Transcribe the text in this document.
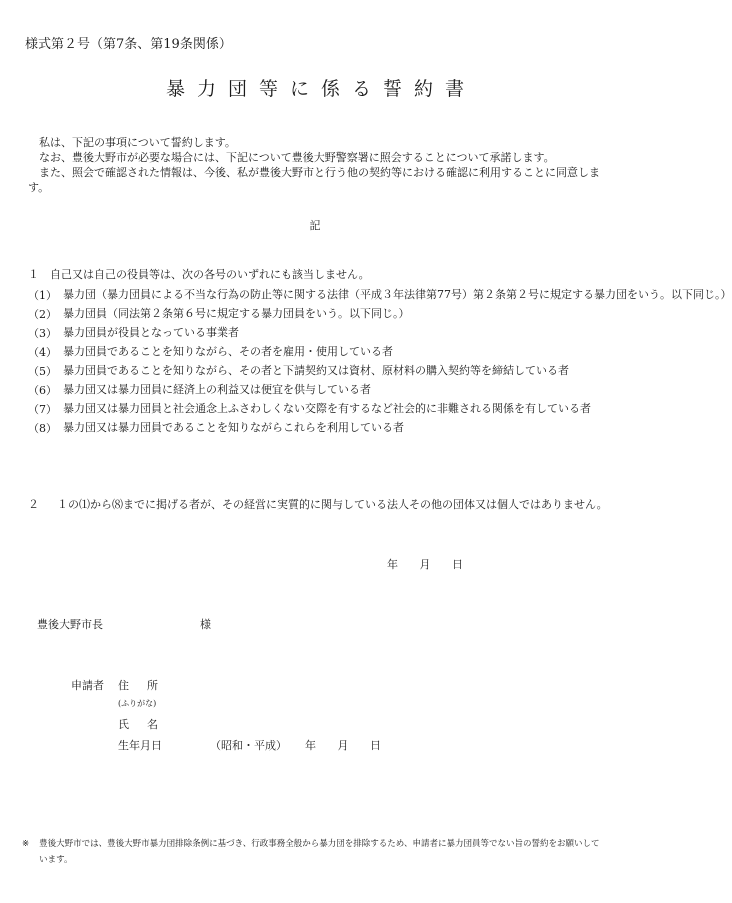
様式第２号（第7条、第19条関係）
暴力団等に係る誓約書

私は、下記の事項について誓約します。

なお、豊後大野市が必要な場合には、下記について豊後大野警察署に照会することについて承諾します。

また、照会で確認された情報は、今後、私が豊後大野市と行う他の契約等における確認に利用することに同意します。

記
１　自己又は自己の役員等は、次の各号のいずれにも該当しません。
（1） 暴力団（暴力団員による不当な行為の防止等に関する法律（平成３年法律第77号）第２条第２号に規定する暴力団をいう。以下同じ。）
（2） 暴力団員（同法第２条第６号に規定する暴力団員をいう。以下同じ。）
（3） 暴力団員が役員となっている事業者
（4） 暴力団員であることを知りながら、その者を雇用・使用している者
（5） 暴力団員であることを知りながら、その者と下請契約又は資材、原材料の購入契約等を締結している者
（6） 暴力団又は暴力団員に経済上の利益又は便宜を供与している者
（7） 暴力団又は暴力団員と社会通念上ふさわしくない交際を有するなど社会的に非難される関係を有している者
（8） 暴力団又は暴力団員であることを知りながらこれらを利用している者
２	１の⑴から⑻までに掲げる者が、その経営に実質的に関与している法人その他の団体又は個人ではありません。
年 月 日
豊後大野市長	様
申請者 住所
(ふりがな)
氏名
生年月日	（昭和・平成） 年 月 日
※	豊後大野市では、豊後大野市暴力団排除条例に基づき、行政事務全般から暴力団を排除するため、申請者に暴力団員等でない旨の誓約をお願いしています。
